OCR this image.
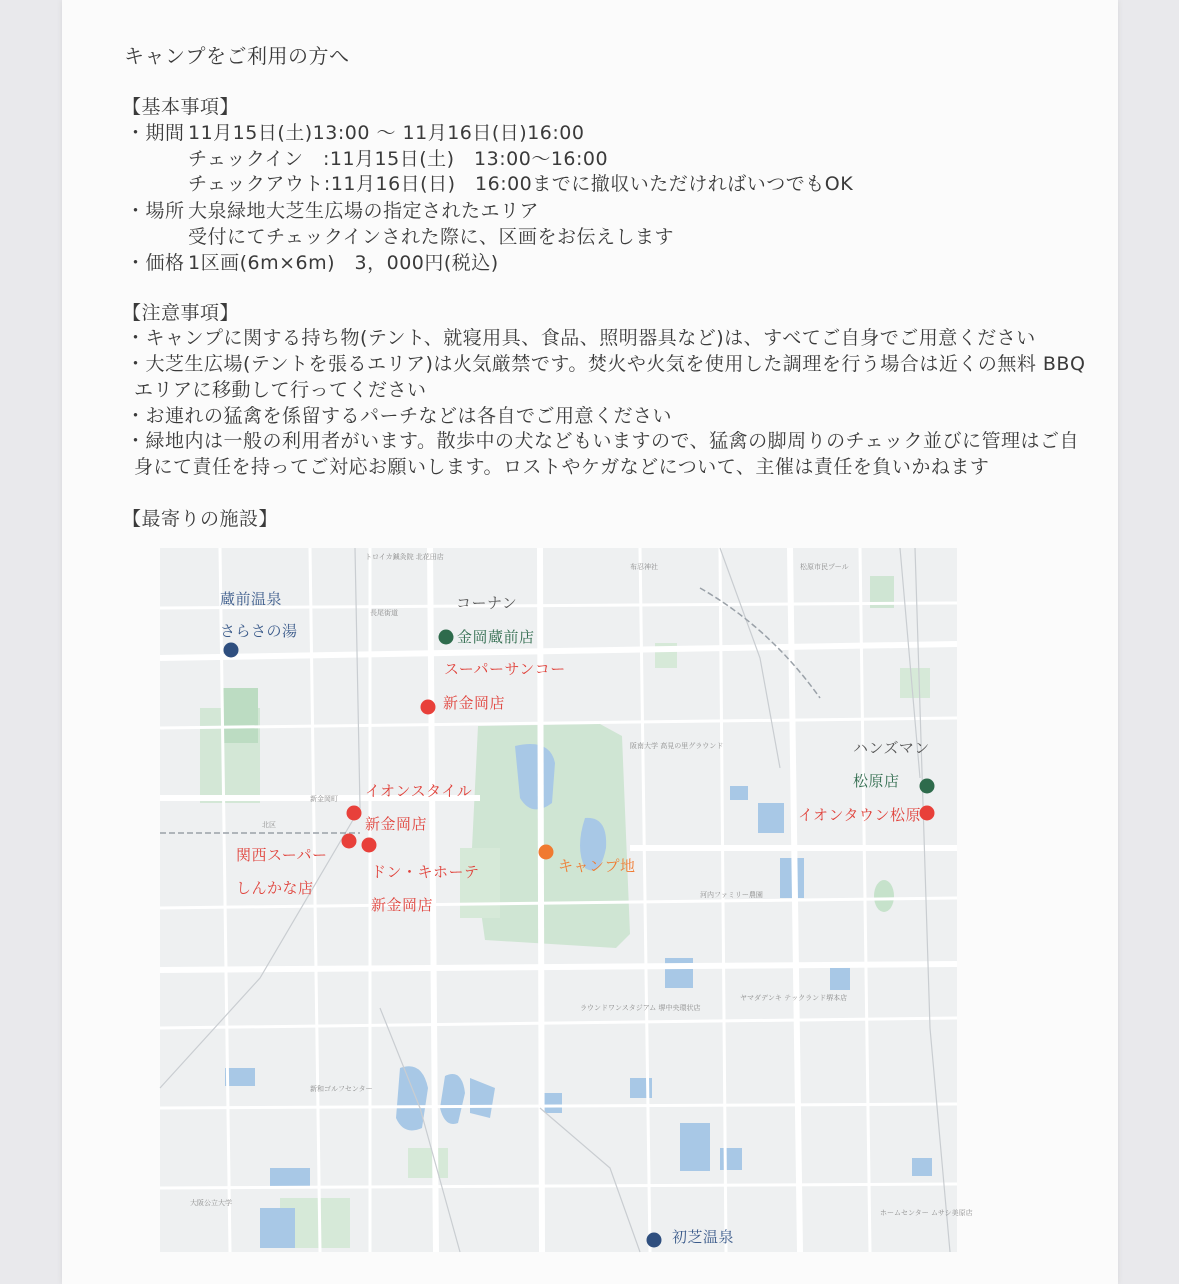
キャンプをご利用の方へ
【基本事項】
・期間 11月15日(土)13:00 〜 11月16日(日)16:00
チェックイン　:11月15日(土)　13:00〜16:00
チェックアウト:11月16日(日)　16:00までに撤収いただければいつでもOK
・場所 大泉緑地大芝生広場の指定されたエリア
受付にてチェックインされた際に、区画をお伝えします
・価格 1区画(6m×6m)　3，000円(税込)
【注意事項】
・キャンプに関する持ち物(テント、就寝用具、食品、照明器具など)は、すべてご自身でご用意ください
・大芝生広場(テントを張るエリア)は火気厳禁です。焚火や火気を使用した調理を行う場合は近くの無料 BBQ
エリアに移動して行ってください
・お連れの猛禽を係留するパーチなどは各自でご用意ください
・緑地内は一般の利用者がいます。散歩中の犬などもいますので、猛禽の脚周りのチェック並びに管理はご自
身にて責任を持ってご対応お願いします。ロストやケガなどについて、主催は責任を負いかねます
【最寄りの施設】
トロイカ鍼灸院 北花田店
長尾街道
新金岡町
北区
布忍神社	松原市民プール
阪南大学 高見の里グラウンド
河内ファミリー農園
ラウンドワンスタジアム 堺中央環状店
ヤマダデンキ テックランド堺本店
新和ゴルフセンター
大阪公立大学
ホームセンター ムサシ美原店
蔵前温泉
さらさの湯
コーナン
金岡蔵前店
スーパーサンコー
新金岡店
イオンスタイル
新金岡店
関西スーパー
しんかな店
ドン・キホーテ
新金岡店
キャンプ地
ハンズマン
松原店
イオンタウン松原
初芝温泉
